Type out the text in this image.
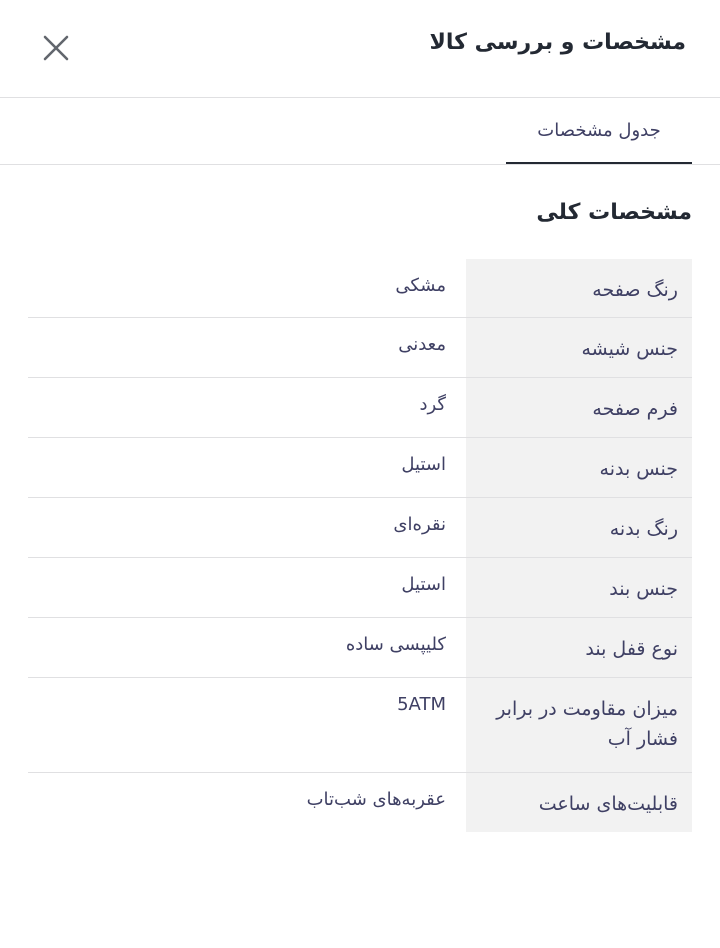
مشخصات و بررسی کالا
جدول مشخصات
مشخصات کلی
رنگ صفحه
مشکی
جنس شیشه
معدنی
فرم صفحه
گرد
جنس بدنه
استیل
رنگ بدنه
نقره‌ای
جنس بند
استیل
نوع قفل بند
کلیپسی ساده
میزان مقاومت در برابر فشار آب
5ATM
قابلیت‌های ساعت
عقربه‌های شب‌تاب
